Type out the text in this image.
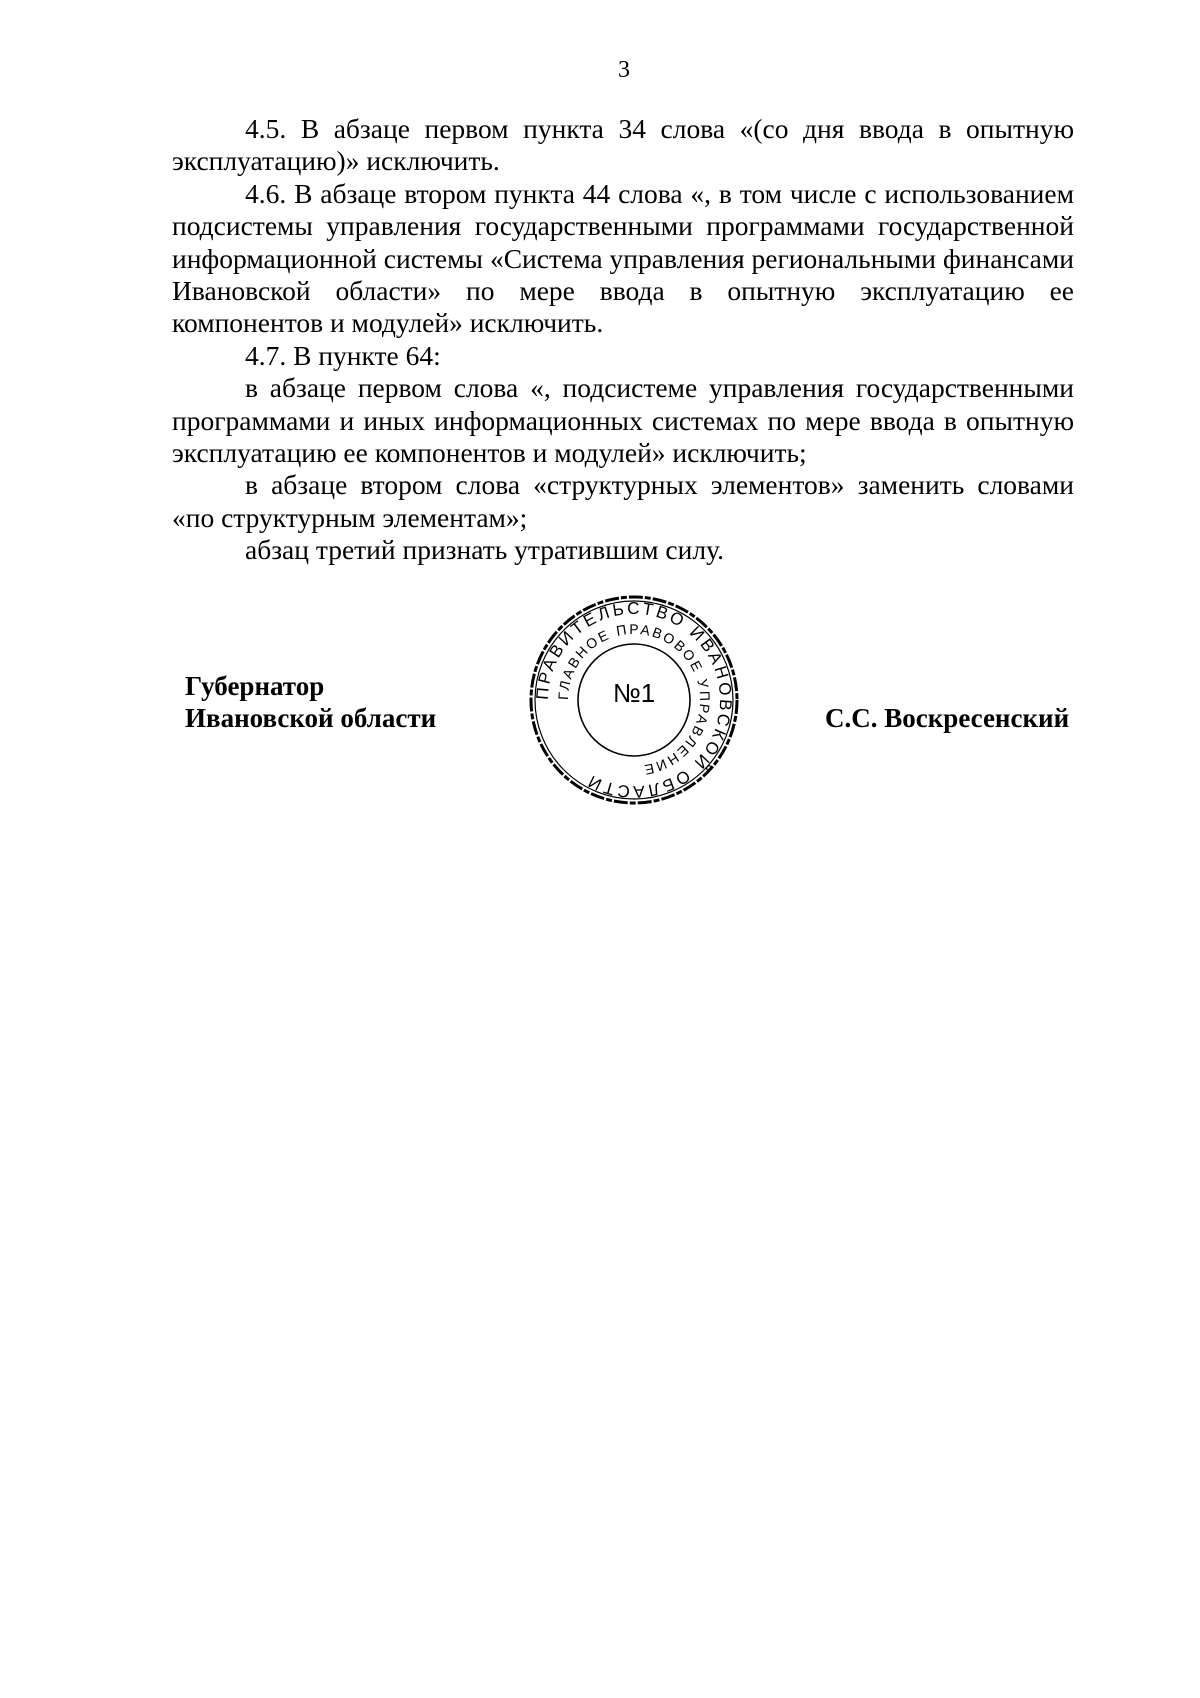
3

4.5. В абзаце первом пункта 34 слова «(со дня ввода в опытную эксплуатацию)» исключить.

4.6. В абзаце втором пункта 44 слова «, в том числе с использованием подсистемы управления государственными программами государственной информационной системы «Система управления региональными финансами Ивановской области» по мере ввода в опытную эксплуатацию ее компонентов и модулей» исключить.

4.7. В пункте 64:

в абзаце первом слова «, подсистеме управления государственными программами и иных информационных системах по мере ввода в опытную эксплуатацию ее компонентов и модулей» исключить;

в абзаце втором слова «структурных элементов» заменить словами «по структурным элементам»;

абзац третий признать утратившим силу.

Губернатор
Ивановской области
ПРАВИТЕЛЬСТВО ИВАНОВСКОЙ ОБЛАСТИ
ГЛАВНОЕ ПРАВОВОЕ УПРАВЛЕНИЕ
№1
С.С. Воскресенский
